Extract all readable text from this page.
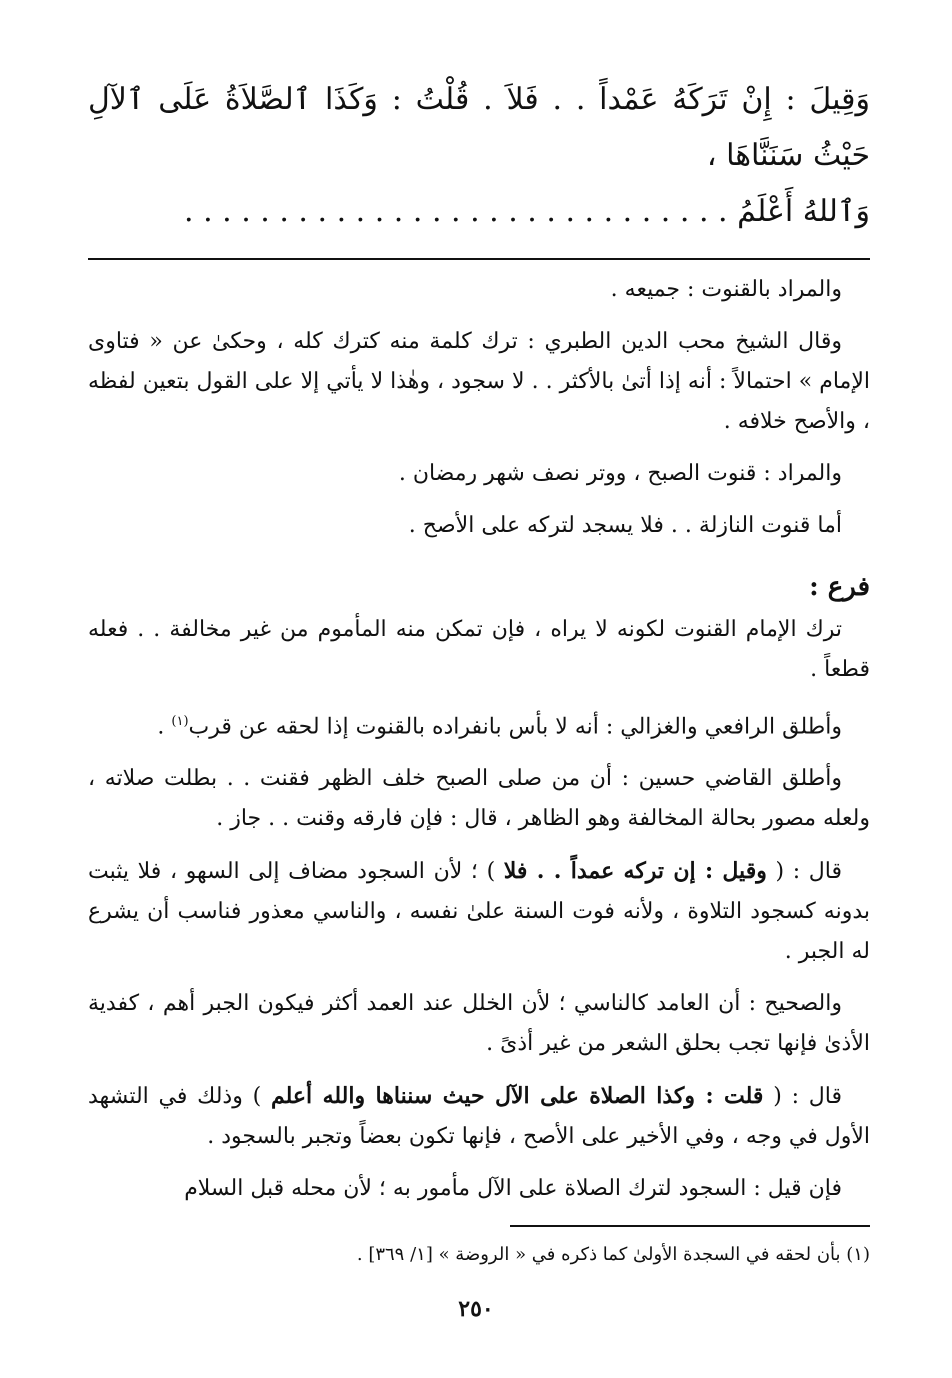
وَقِيلَ : إِنْ تَرَكَهُ عَمْداً . . فَلاَ . قُلْتُ : وَكَذَا ٱلصَّلاَةُ عَلَى ٱلآلِ حَيْثُ سَنَنَّاهَا ،
وَٱللهُ أَعْلَمُ . . . . . . . . . . . . . . . . . . . . . . . . . . . . .

والمراد بالقنوت : جميعه .

وقال الشيخ محب الدين الطبري : ترك كلمة منه كترك كله ، وحكىٰ عن « فتاوى الإمام » احتمالاً : أنه إذا أتىٰ بالأكثر . . لا سجود ، وهٰذا لا يأتي إلا على القول بتعين لفظه ، والأصح خلافه .

والمراد : قنوت الصبح ، ووتر نصف شهر رمضان .

أما قنوت النازلة . . فلا يسجد لتركه على الأصح .

فرع :

ترك الإمام القنوت لكونه لا يراه ، فإن تمكن منه المأموم من غير مخالفة . . فعله قطعاً .

وأطلق الرافعي والغزالي : أنه لا بأس بانفراده بالقنوت إذا لحقه عن قرب$^{(١)}$ .

وأطلق القاضي حسين : أن من صلى الصبح خلف الظهر فقنت . . بطلت صلاته ، ولعله مصور بحالة المخالفة وهو الظاهر ، قال : فإن فارقه وقنت . . جاز .

قال : ( وقيل : إن تركه عمداً . . فلا ) ؛ لأن السجود مضاف إلى السهو ، فلا يثبت بدونه كسجود التلاوة ، ولأنه فوت السنة علىٰ نفسه ، والناسي معذور فناسب أن يشرع له الجبر .

والصحيح : أن العامد كالناسي ؛ لأن الخلل عند العمد أكثر فيكون الجبر أهم ، كفدية الأذىٰ فإنها تجب بحلق الشعر من غير أذىً .

قال : ( قلت : وكذا الصلاة على الآل حيث سنناها والله أعلم ) وذلك في التشهد الأول في وجه ، وفي الأخير على الأصح ، فإنها تكون بعضاً وتجبر بالسجود .

فإن قيل : السجود لترك الصلاة على الآل مأمور به ؛ لأن محله قبل السلام

(١) بأن لحقه في السجدة الأولىٰ كما ذكره في « الروضة » [١/ ٣٦٩] .
٢٥٠
